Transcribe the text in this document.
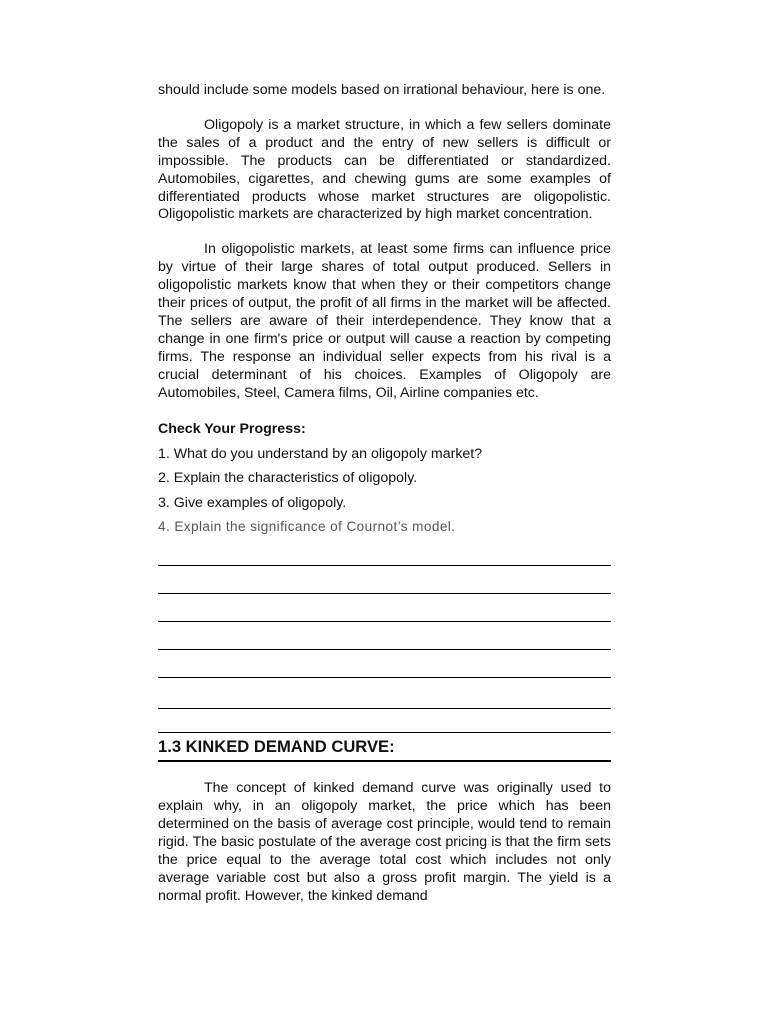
should include some models based on irrational behaviour, here is one.

Oligopoly is a market structure, in which a few sellers dominate the sales of a product and the entry of new sellers is difficult or impossible. The products can be differentiated or standardized. Automobiles, cigarettes, and chewing gums are some examples of differentiated products whose market structures are oligopolistic. Oligopolistic markets are characterized by high market concentration.

In oligopolistic markets, at least some firms can influence price by virtue of their large shares of total output produced. Sellers in oligopolistic markets know that when they or their competitors change their prices of output, the profit of all firms in the market will be affected. The sellers are aware of their interdependence. They know that a change in one firm's price or output will cause a reaction by competing firms. The response an individual seller expects from his rival is a crucial determinant of his choices. Examples of Oligopoly are Automobiles, Steel, Camera films, Oil, Airline companies etc.

Check Your Progress:
1. What do you understand by an oligopoly market?
2. Explain the characteristics of oligopoly.
3. Give examples of oligopoly.
4. Explain the significance of Cournot’s model.
1.3 KINKED DEMAND CURVE:

The concept of kinked demand curve was originally used to explain why, in an oligopoly market, the price which has been determined on the basis of average cost principle, would tend to remain rigid. The basic postulate of the average cost pricing is that the firm sets the price equal to the average total cost which includes not only average variable cost but also a gross profit margin. The yield is a normal profit. However, the kinked demand
